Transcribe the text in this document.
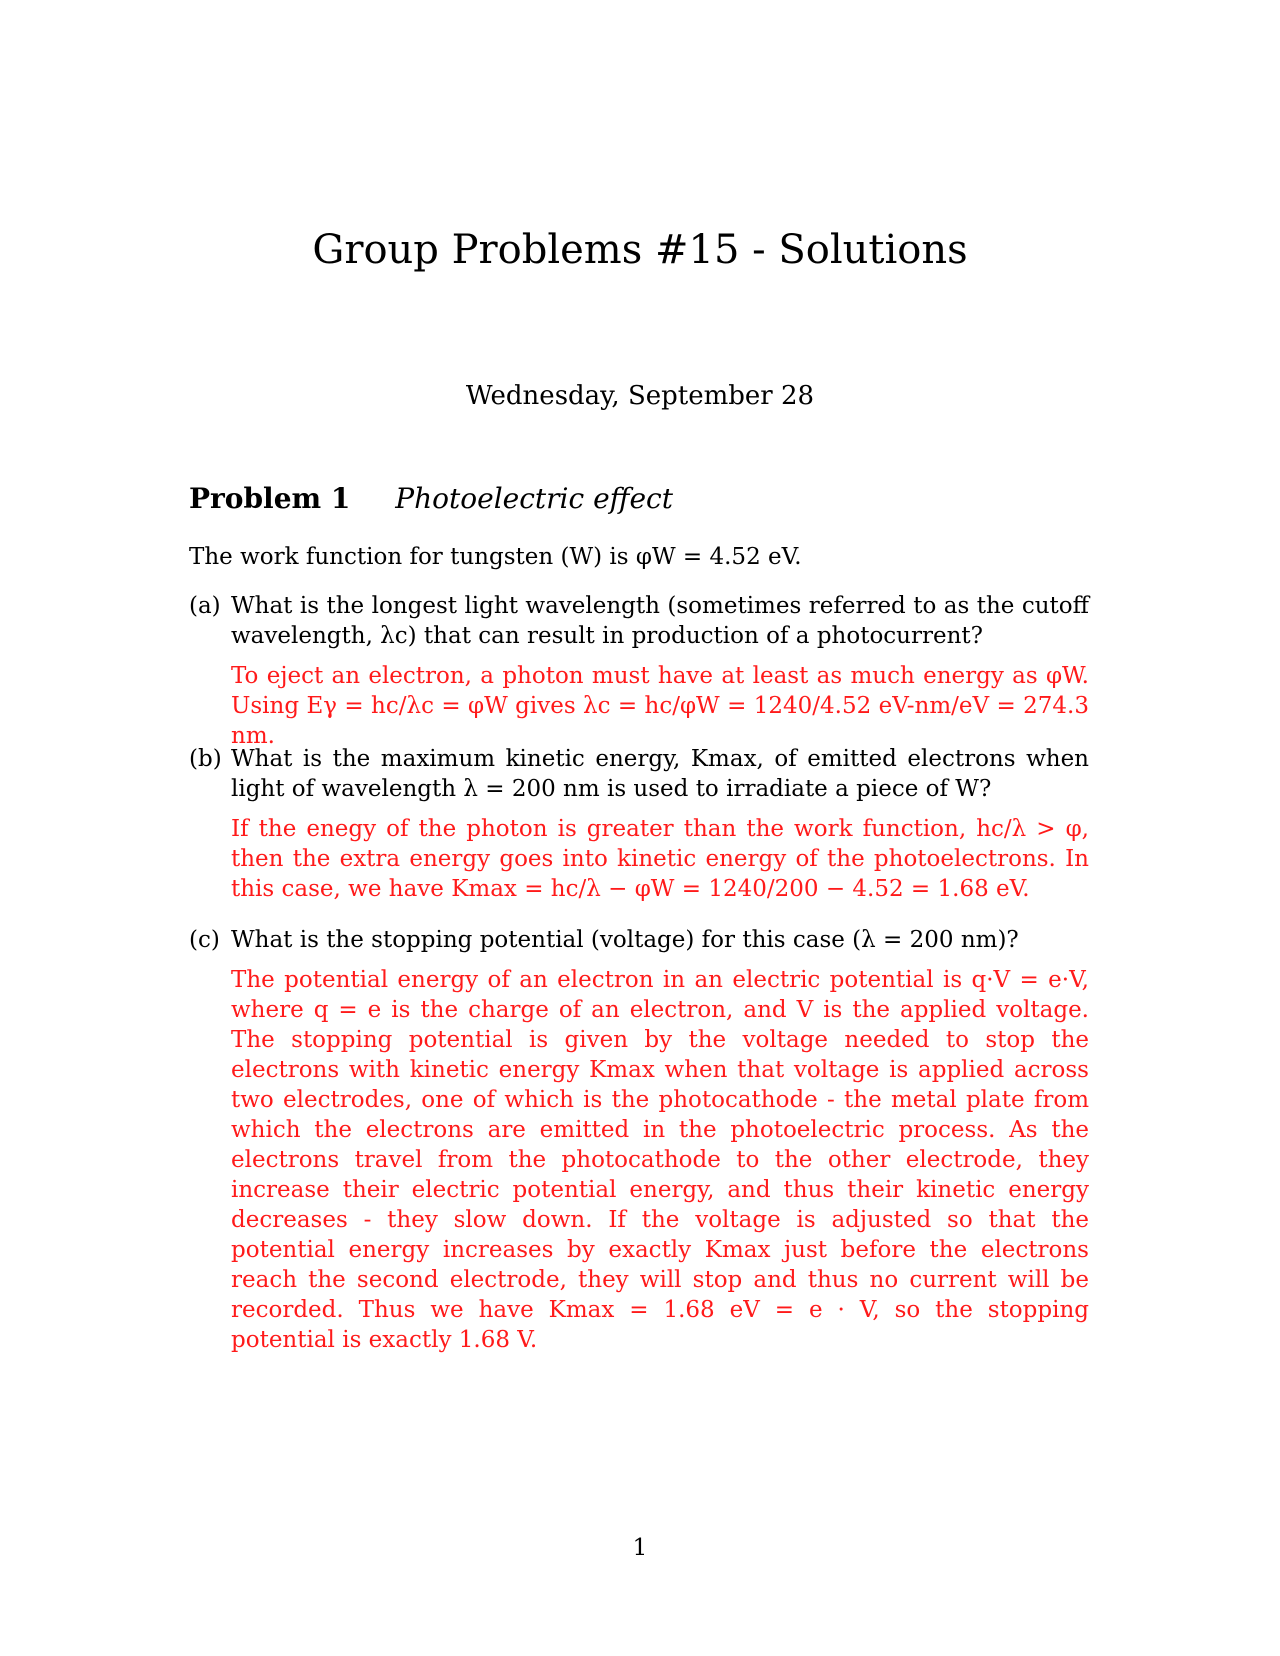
Group Problems #15 - Solutions
Wednesday, September 28
Problem 1 Photoelectric effect
The work function for tungsten (W) is φW = 4.52 eV.
(a) What is the longest light wavelength (sometimes referred to as the cutoff wavelength, λc) that can result in production of a photocurrent?
To eject an electron, a photon must have at least as much energy as φW. Using Eγ = hc/λc = φW gives λc = hc/φW = 1240/4.52 eV-nm/eV = 274.3 nm.
(b) What is the maximum kinetic energy, Kmax, of emitted electrons when light of wavelength λ = 200 nm is used to irradiate a piece of W?
If the enegy of the photon is greater than the work function, hc/λ > φ, then the extra energy goes into kinetic energy of the photoelectrons. In this case, we have Kmax = hc/λ − φW = 1240/200 − 4.52 = 1.68 eV.
(c) What is the stopping potential (voltage) for this case (λ = 200 nm)?
The potential energy of an electron in an electric potential is q·V = e·V, where q = e is the charge of an electron, and V is the applied voltage. The stopping potential is given by the voltage needed to stop the electrons with kinetic energy Kmax when that voltage is applied across two electrodes, one of which is the photocathode - the metal plate from which the electrons are emitted in the photoelectric process. As the electrons travel from the photocathode to the other electrode, they increase their electric potential energy, and thus their kinetic energy decreases - they slow down. If the voltage is adjusted so that the potential energy increases by exactly Kmax just before the electrons reach the second electrode, they will stop and thus no current will be recorded. Thus we have Kmax = 1.68 eV = e · V, so the stopping potential is exactly 1.68 V.
1
